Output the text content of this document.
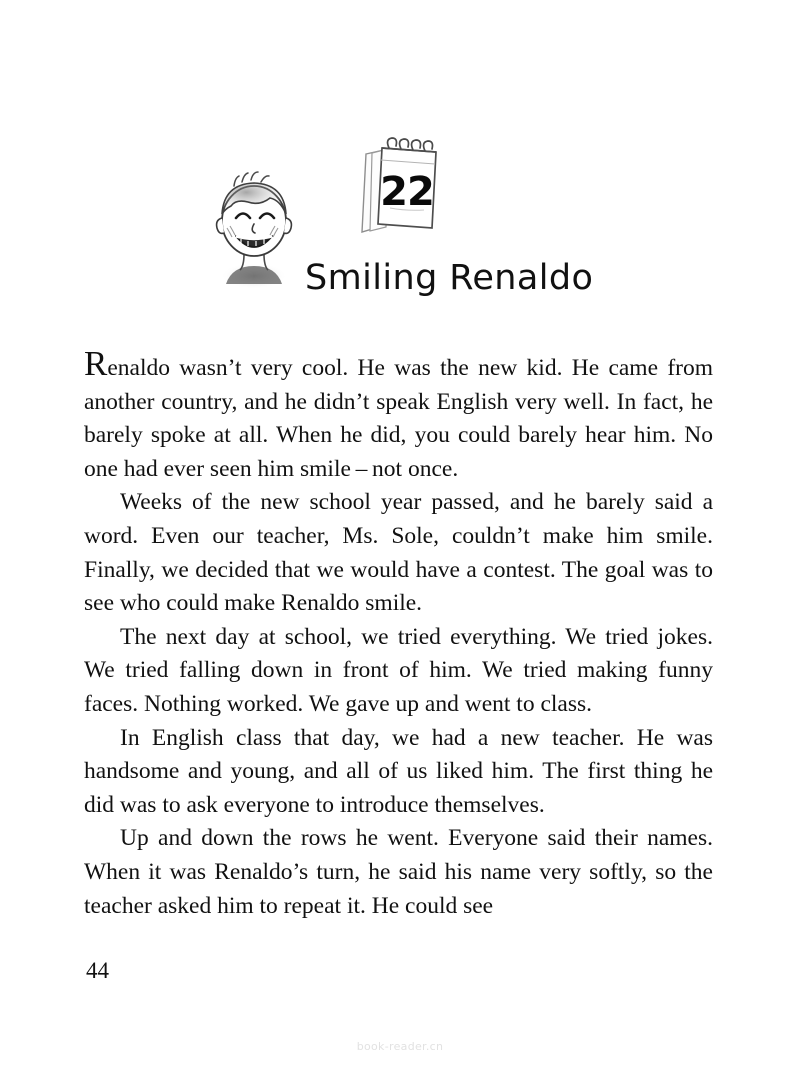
22
Smiling Renaldo

Renaldo wasn’t very cool. He was the new kid. He came from another country, and he didn’t speak English very well. In fact, he barely spoke at all. When he did, you could barely hear him. No one had ever seen him smile – not once.

Weeks of the new school year passed, and he barely said a word. Even our teacher, Ms. Sole, couldn’t make him smile. Finally, we decided that we would have a contest. The goal was to see who could make Renaldo smile.

The next day at school, we tried everything. We tried jokes. We tried falling down in front of him. We tried making funny faces. Nothing worked. We gave up and went to class.

In English class that day, we had a new teacher. He was handsome and young, and all of us liked him. The first thing he did was to ask everyone to introduce themselves.

Up and down the rows he went. Everyone said their names. When it was Renaldo’s turn, he said his name very softly, so the teacher asked him to repeat it. He could see

44
book-reader.cn
